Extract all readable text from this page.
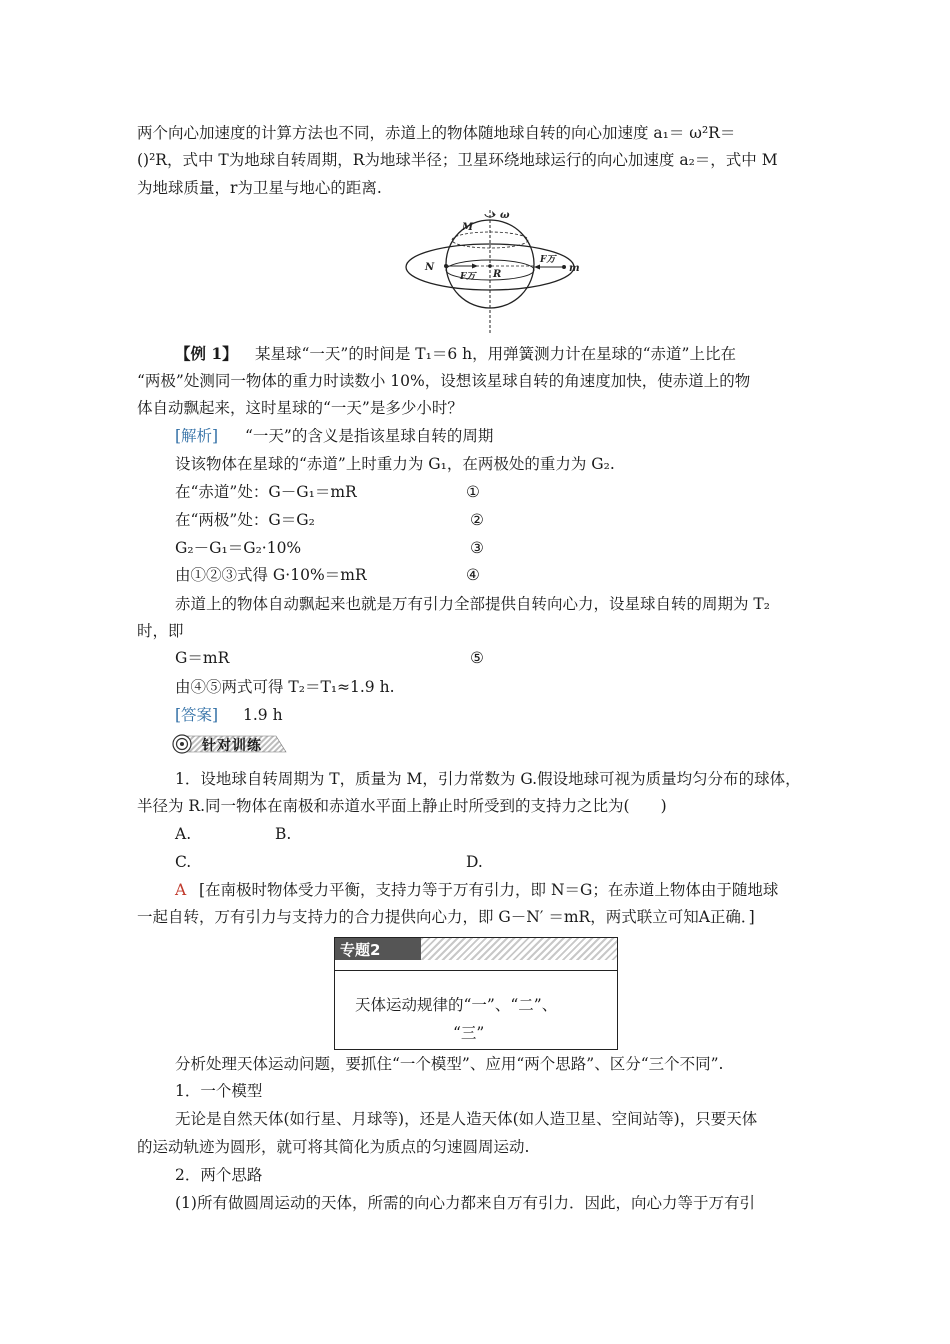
两个向心加速度的计算方法也不同，赤道上的物体随地球自转的向心加速度 a₁＝ ω²R＝
()²R，式中 T为地球自转周期，R为地球半径；卫星环绕地球运行的向心加速度 a₂＝，式中 M
为地球质量，r为卫星与地心的距离.
ω
M
N
F万 R
F万
m
【例 1】 某星球“一天”的时间是 T₁＝6 h，用弹簧测力计在星球的“赤道”上比在
“两极”处测同一物体的重力时读数小 10%，设想该星球自转的角速度加快，使赤道上的物
体自动飘起来，这时星球的“一天”是多少小时？
[解析] “一天”的含义是指该星球自转的周期
设该物体在星球的“赤道”上时重力为 G₁，在两极处的重力为 G₂.
在“赤道”处：G－G₁＝mR	①
在“两极”处：G＝G₂	②
G₂－G₁＝G₂·10%	③
由①②③式得 G·10%＝mR	④
赤道上的物体自动飘起来也就是万有引力全部提供自转向心力，设星球自转的周期为 T₂
时，即
G＝mR	⑤
由④⑤两式可得 T₂＝T₁≈1.9 h.
[答案] 1.9 h
针对训练
1．设地球自转周期为 T，质量为 M，引力常数为 G.假设地球可视为质量均匀分布的球体，
半径为 R.同一物体在南极和赤道水平面上静止时所受到的支持力之比为(　　)
A.	B.
C.	D.
A [在南极时物体受力平衡，支持力等于万有引力，即 N＝G；在赤道上物体由于随地球
一起自转，万有引力与支持力的合力提供向心力，即 G－N′ ＝mR，两式联立可知A正确．]
专题2
天体运动规律的“一”、“二”、
“三”
分析处理天体运动问题，要抓住“一个模型”、应用“两个思路”、区分“三个不同”.
1．一个模型
无论是自然天体(如行星、月球等)，还是人造天体(如人造卫星、空间站等)，只要天体
的运动轨迹为圆形，就可将其简化为质点的匀速圆周运动.
2．两个思路
(1)所有做圆周运动的天体，所需的向心力都来自万有引力．因此，向心力等于万有引
